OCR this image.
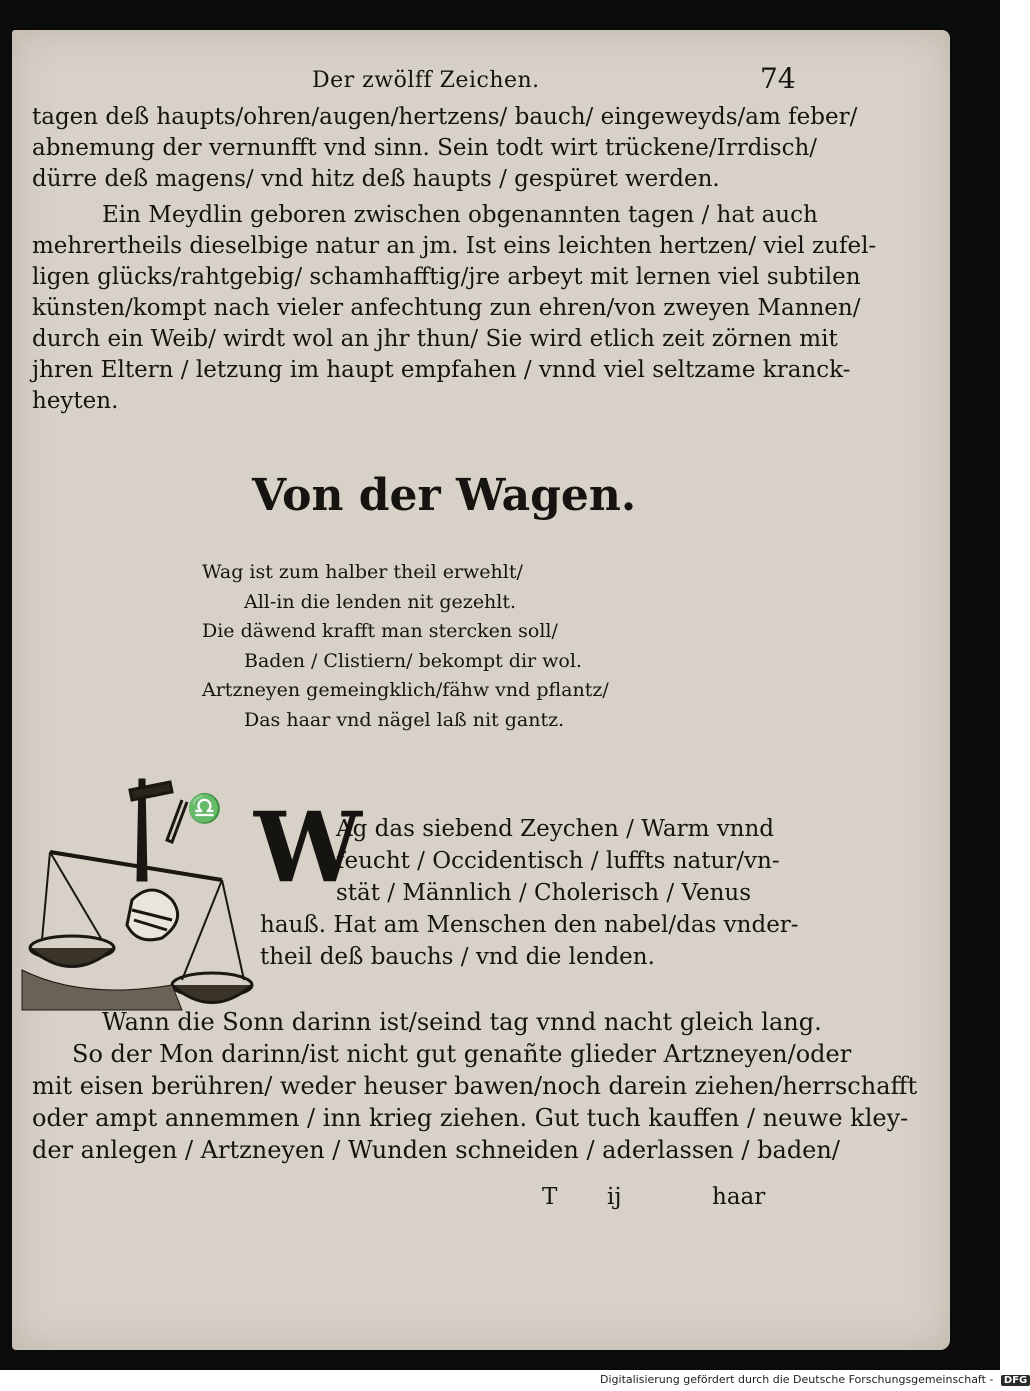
Der zwölff Zeichen.	74

tagen deß haupts/ohren/augen/hertzens/ bauch/ eingeweyds/am feber/
abnemung der vernunfft vnd sinn. Sein todt wirt trückene/Irrdisch/
dürre deß magens/ vnd hitz deß haupts / gespüret werden.

Ein Meydlin geboren zwischen obgenannten tagen / hat auch
mehrertheils dieselbige natur an jm. Ist eins leichten hertzen/ viel zufel-
ligen glücks/rahtgebig/ schamhafftig/jre arbeyt mit lernen viel subtilen
künsten/kompt nach vieler anfechtung zun ehren/von zweyen Mannen/
durch ein Weib/ wirdt wol an jhr thun/ Sie wird etlich zeit zörnen mit
jhren Eltern / letzung im haupt empfahen / vnnd viel seltzame kranck-
heyten.

Von der Wagen.
Wag ist zum halber theil erwehlt/
All-in die lenden nit gezehlt.
Die däwend krafft man stercken soll/
Baden / Clistiern/ bekompt dir wol.
Artzneyen gemeingklich/fähw vnd pflantz/
Das haar vnd nägel laß nit gantz.
♎ W
Ag das siebend Zeychen / Warm vnnd
feucht / Occidentisch / luffts natur/vn-
stät / Männlich / Cholerisch / Venus
hauß. Hat am Menschen den nabel/das vnder-
theil deß bauchs / vnd die lenden.

Wann die Sonn darinn ist/seind tag vnnd nacht gleich lang.
So der Mon darinn/ist nicht gut genañte glieder Artzneyen/oder
mit eisen berühren/ weder heuser bawen/noch darein ziehen/herrschafft
oder ampt annemmen / inn krieg ziehen. Gut tuch kauffen / neuwe kley-
der anlegen / Artzneyen / Wunden schneiden / aderlassen / baden/

T ij	haar
Digitalisierung gefördert durch die Deutsche Forschungsgemeinschaft - DFG
